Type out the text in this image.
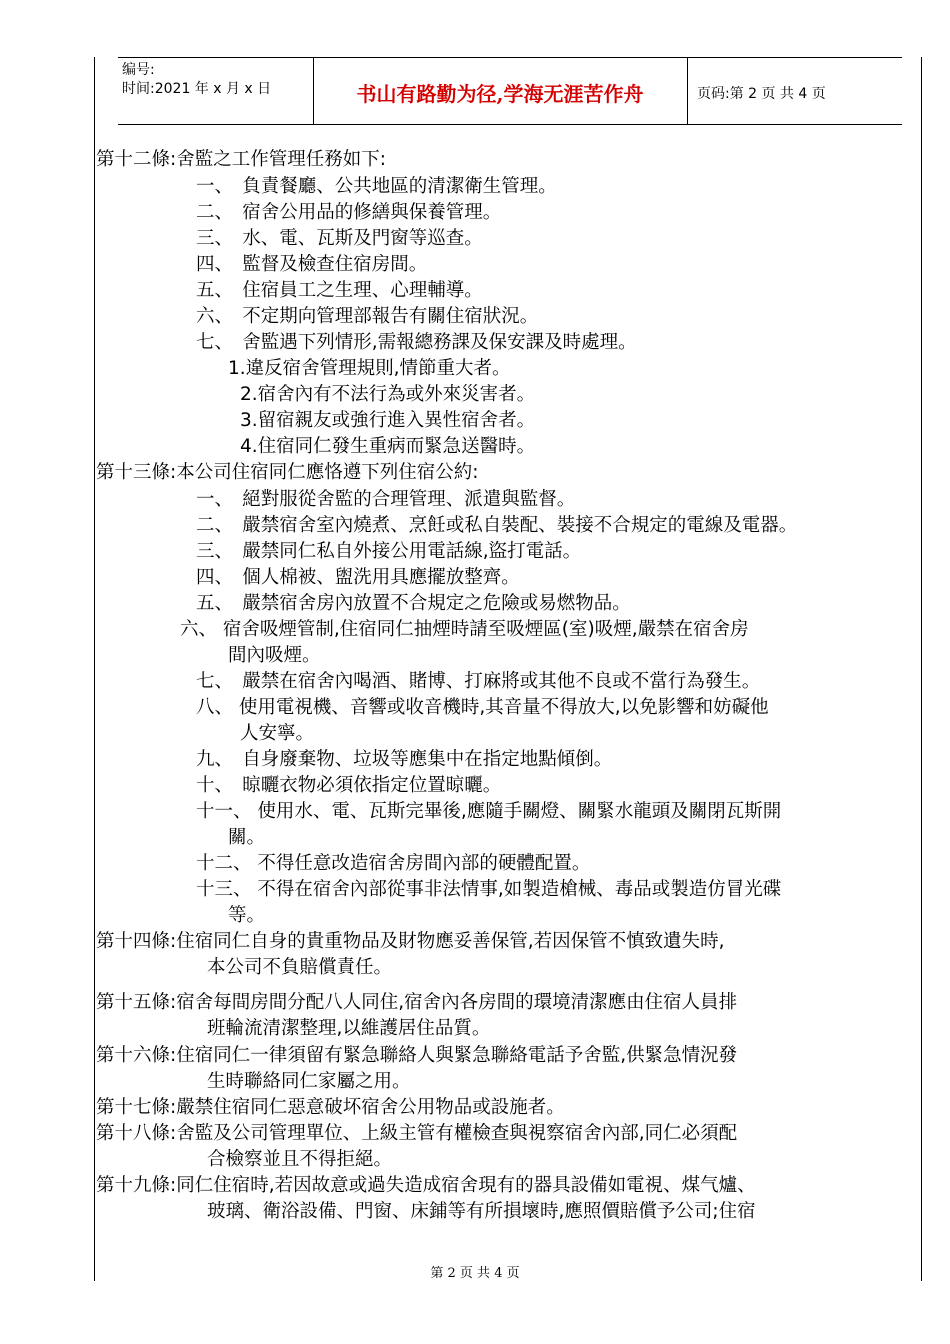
编号:
时间:2021 年 x 月 x 日	书山有路勤为径,学海无涯苦作舟	页码:第 2 页 共 4 页
第十二條:舍監之工作管理任務如下:
一、　負責餐廳、公共地區的清潔衛生管理。
二、　宿舍公用品的修繕與保養管理。
三、　水、電、瓦斯及門窗等巡查。
四、　監督及檢查住宿房間。
五、　住宿員工之生理、心理輔導。
六、　不定期向管理部報告有關住宿狀況。
七、　舍監遇下列情形,需報總務課及保安課及時處理。
1.違反宿舍管理規則,情節重大者。
2.宿舍內有不法行為或外來災害者。
3.留宿親友或強行進入異性宿舍者。
4.住宿同仁發生重病而緊急送醫時。
第十三條:本公司住宿同仁應恪遵下列住宿公約:
一、　絕對服從舍監的合理管理、派遣與監督。
二、　嚴禁宿舍室內燒煮、烹飪或私自裝配、裝接不合規定的電線及電器。
三、　嚴禁同仁私自外接公用電話線,盜打電話。
四、　個人棉被、盥洗用具應擺放整齊。
五、　嚴禁宿舍房內放置不合規定之危險或易燃物品。
六、 宿舍吸煙管制,住宿同仁抽煙時請至吸煙區(室)吸煙,嚴禁在宿舍房
間內吸煙。
七、　嚴禁在宿舍內喝酒、賭博、打麻將或其他不良或不當行為發生。
八、 使用電視機、音響或收音機時,其音量不得放大,以免影響和妨礙他
人安寧。
九、　自身廢棄物、垃圾等應集中在指定地點傾倒。
十、　晾曬衣物必須依指定位置晾曬。
十一、 使用水、電、瓦斯完畢後,應隨手關燈、關緊水龍頭及關閉瓦斯開
關。
十二、 不得任意改造宿舍房間內部的硬體配置。
十三、 不得在宿舍內部從事非法情事,如製造槍械、毒品或製造仿冒光碟
等。
第十四條:住宿同仁自身的貴重物品及財物應妥善保管,若因保管不慎致遺失時,
本公司不負賠償責任。
第十五條:宿舍每間房間分配八人同住,宿舍內各房間的環境清潔應由住宿人員排
班輪流清潔整理,以維護居住品質。
第十六條:住宿同仁一律須留有緊急聯絡人與緊急聯絡電話予舍監,供緊急情況發
生時聯絡同仁家屬之用。
第十七條:嚴禁住宿同仁惡意破坏宿舍公用物品或設施者。
第十八條:舍監及公司管理單位、上級主管有權檢查與視察宿舍內部,同仁必須配
合檢察並且不得拒絕。
第十九條:同仁住宿時,若因故意或過失造成宿舍現有的器具設備如電視、煤气爐、
玻璃、衛浴設備、門窗、床鋪等有所損壞時,應照價賠償予公司;住宿
第 2 页 共 4 页
